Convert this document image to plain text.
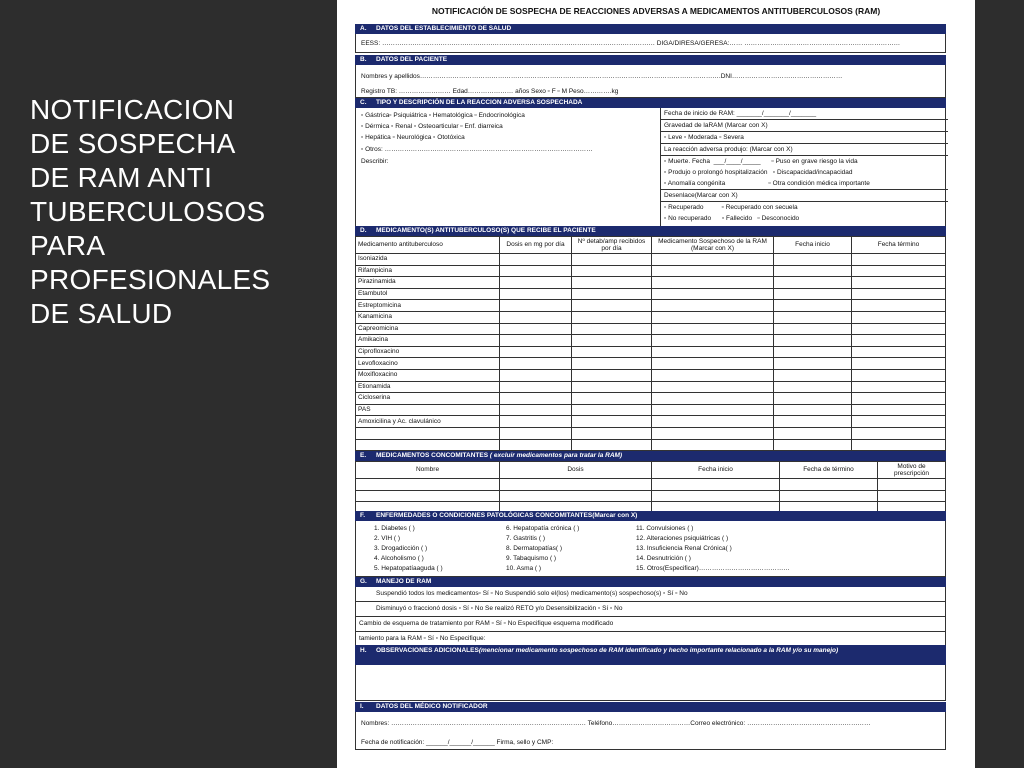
NOTIFICACION
DE SOSPECHA
DE RAM ANTI
TUBERCULOSOS
PARA
PROFESIONALES
DE SALUD
NOTIFICACIÓN DE SOSPECHA DE REACCIONES ADVERSAS A MEDICAMENTOS ANTITUBERCULOSOS (RAM)
A. DATOS DEL ESTABLECIMIENTO DE SALUD
EESS: ……………………………………………………………………………………………………………… DIGA/DIRESA/GERESA:…… ………………………………………………………………
B. DATOS DEL PACIENTE
Nombres y apellidos………………………………………………………………………………………………………………………….DNI……………………………………………
Registro TB: …………………… Edad………………… años Sexo ▫ F ▫ M Peso………….kg
C. TIPO Y DESCRIPCIÓN DE LA REACCION ADVERSA SOSPECHADA
▫ Gástrica▫ Psiquiátrica ▫ Hematológica ▫ Endocrinológica
▫ Dérmica ▫ Renal ▫ Osteoarticular ▫ Enf. diarreica
▫ Hepática ▫ Neurológica ▫ Ototóxica
▫ Otros: ……………………………………………………………………………………
Describir:
Fecha de inicio de RAM: _______/_______/_______
Gravedad de laRAM (Marcar con X)
▫ Leve ▫ Moderada ▫ Severa
La reacción adversa produjo: (Marcar con X)
▫ Muerte. Fecha  ___/____/_____      ▫ Puso en grave riesgo la vida
▫ Produjo o prolongó hospitalización   ▫ Discapacidad/incapacidad
▫ Anomalía congénita                        ▫ Otra condición médica importante
Desenlace(Marcar con X)
▫ Recuperado          ▫ Recuperado con secuela
▫ No recuperado      ▫ Fallecido   ▫ Desconocido
D. MEDICAMENTO(S) ANTITUBERCULOSO(S) QUE RECIBE EL PACIENTE
Medicamento antituberculoso	Dosis en mg por día	Nº detab/amp recibidos por día	Medicamento Sospechoso de la RAM (Marcar con X)	Fecha inicio	Fecha término
Isoniazida					
Rifampicina					
Pirazinamida					
Etambutol					
Estreptomicina					
Kanamicina					
Capreomicina					
Amikacina					
Ciprofloxacino					
Levofloxacino					
Moxifloxacino					
Etionamida					
Cicloserina					
PAS					
Amoxicilina y Ac. clavulánico					

E. MEDICAMENTOS CONCOMITANTES ( excluir medicamentos para tratar la RAM)
Nombre	Dosis	Fecha inicio	Fecha de término	Motivo de prescripción

F. ENFERMEDADES O CONDICIONES PATOLÓGICAS CONCOMITANTES(Marcar con X)
1. Diabetes ( )
2. VIH ( )
3. Drogadicción ( )
4. Alcoholismo ( )
5. Hepatopatíaaguda ( )
6. Hepatopatía crónica ( )
7. Gastritis ( )
8. Dermatopatías( )
9. Tabaquismo ( )
10. Asma ( )
11. Convulsiones ( )
12. Alteraciones psiquiátricas ( )
13. Insuficiencia Renal Crónica( )
14. Desnutrición ( )
15. Otros(Especificar)……………………………………
G. MANEJO DE RAM
Suspendió todos los medicamentos▫ Sí ▫ No Suspendió solo el(los) medicamento(s) sospechoso(s) ▫ Sí ▫ No
Disminuyó o fraccionó dosis ▫ Sí ▫ No Se realizó RETO y/o Desensibilización ▫ Sí ▫ No
Cambio de esquema de tratamiento por RAM ▫ Sí ▫ No Especifique esquema modificado
tamiento para la RAM ▫ Sí ▫ No Especifique:
H. OBSERVACIONES ADICIONALES(mencionar medicamento sospechoso de RAM identificado y hecho importante relacionado a la RAM y/o su manejo)
I. DATOS DEL MÉDICO NOTIFICADOR
Nombres: ……………………………………………………………………………… Teléfono………………………………Correo electrónico: …………………………………………………
Fecha de notificación: ______/______/______ Firma, sello y CMP:
